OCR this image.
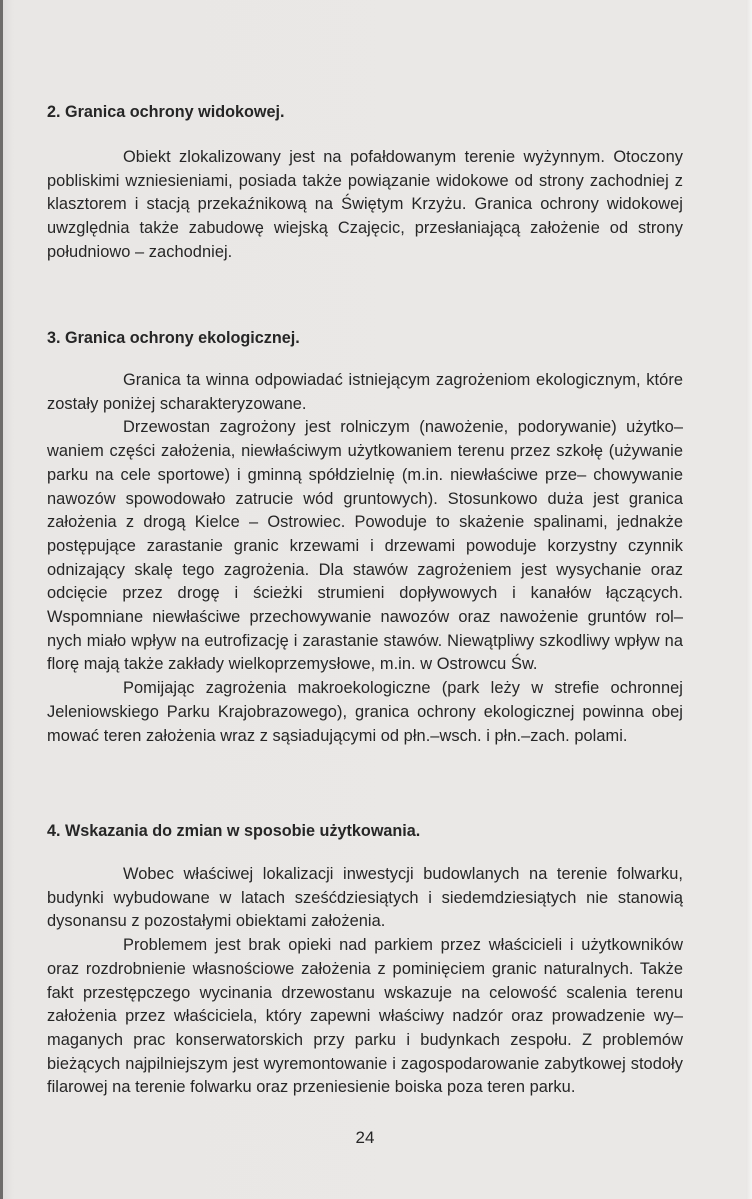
2. Granica ochrony widokowej.

Obiekt zlokalizowany jest na pofałdowanym terenie wyżynnym. Otoczony pobliskimi wzniesieniami, posiada także powiązanie widokowe od strony zachodniej z klasztorem i stacją przekaźnikową na Świętym Krzyżu. Granica ochrony widokowej uwzględnia także zabudowę wiejską Czajęcic, przesłaniającą założenie od strony południowo – zachodniej.

3. Granica ochrony ekologicznej.

Granica ta winna odpowiadać istniejącym zagrożeniom ekologicznym, które zostały poniżej scharakteryzowane.

Drzewostan zagrożony jest rolniczym (nawożenie, podorywanie) użytko– waniem części założenia, niewłaściwym użytkowaniem terenu przez szkołę (używanie parku na cele sportowe) i gminną spółdzielnię (m.in. niewłaściwe prze– chowywanie nawozów spowodowało zatrucie wód gruntowych). Stosunkowo duża jest granica założenia z drogą Kielce – Ostrowiec. Powoduje to skażenie spalinami, jednakże postępujące zarastanie granic krzewami i drzewami powoduje korzystny czynnik odnizający skalę tego zagrożenia. Dla stawów zagrożeniem jest wysychanie oraz odcięcie przez drogę i ścieżki strumieni dopływowych i kanałów łączących. Wspomniane niewłaściwe przechowywanie nawozów oraz nawożenie gruntów rol– nych miało wpływ na eutrofizację i zarastanie stawów. Niewątpliwy szkodliwy wpływ na florę mają także zakłady wielkoprzemysłowe, m.in. w Ostrowcu Św.

Pomijając zagrożenia makroekologiczne (park leży w strefie ochronnej Jeleniowskiego Parku Krajobrazowego), granica ochrony ekologicznej powinna obej mować teren założenia wraz z sąsiadującymi od płn.–wsch. i płn.–zach. polami.

4. Wskazania do zmian w sposobie użytkowania.

Wobec właściwej lokalizacji inwestycji budowlanych na terenie folwarku, budynki wybudowane w latach sześćdziesiątych i siedemdziesiątych nie stanowią dysonansu z pozostałymi obiektami założenia.

Problemem jest brak opieki nad parkiem przez właścicieli i użytkowników oraz rozdrobnienie własnościowe założenia z pominięciem granic naturalnych. Także fakt przestępczego wycinania drzewostanu wskazuje na celowość scalenia terenu założenia przez właściciela, który zapewni właściwy nadzór oraz prowadzenie wy– maganych prac konserwatorskich przy parku i budynkach zespołu. Z problemów bieżących najpilniejszym jest wyremontowanie i zagospodarowanie zabytkowej stodoły filarowej na terenie folwarku oraz przeniesienie boiska poza teren parku.

24
